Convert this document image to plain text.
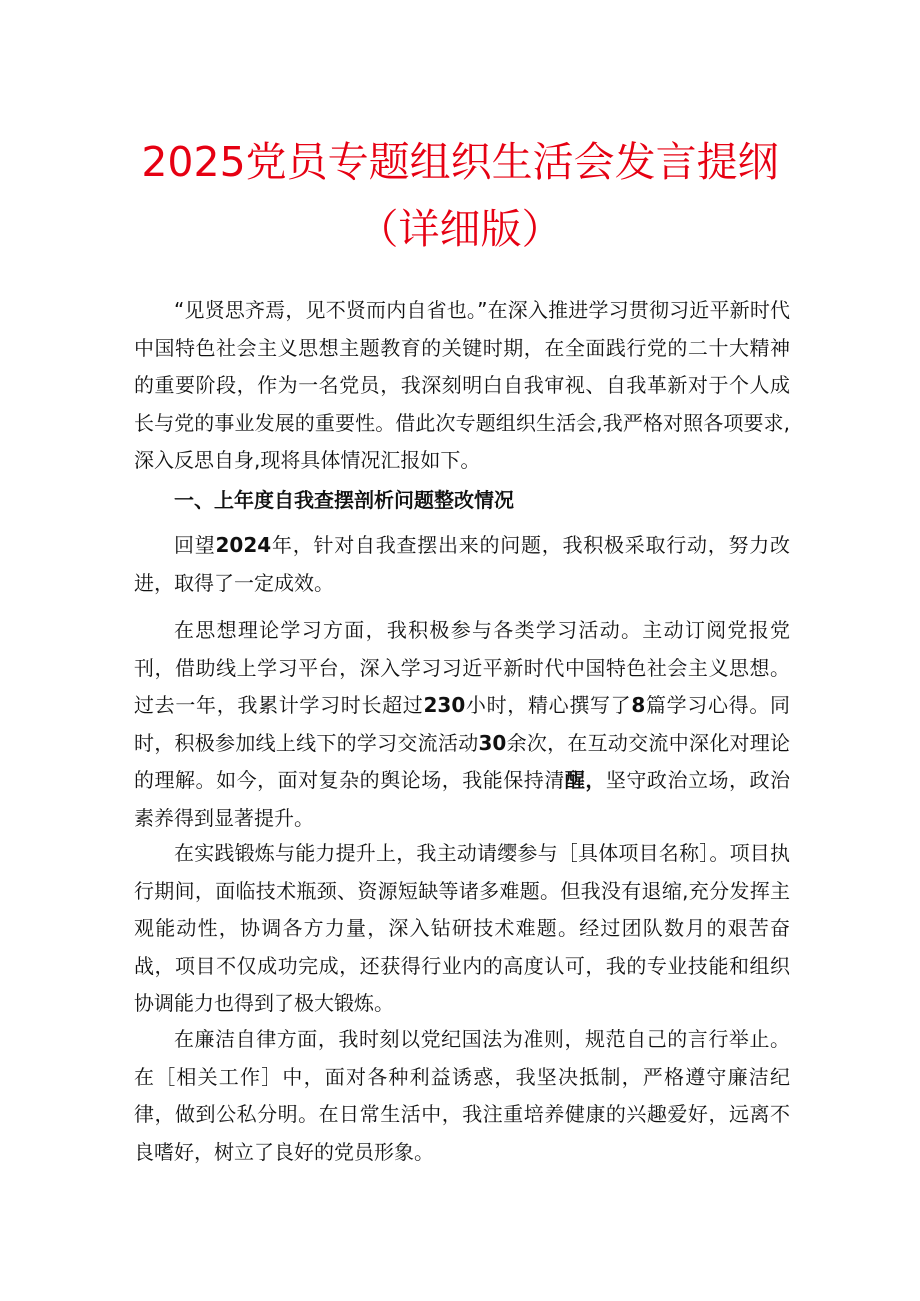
2025党员专题组织生活会发言提纲
（详细版）

“见贤思齐焉，见不贤而内自省也。”在深入推进学习贯彻习近平新时代中国特色社会主义思想主题教育的关键时期，在全面践行党的二十大精神的重要阶段，作为一名党员，我深刻明白自我审视、自我革新对于个人成长与党的事业发展的重要性。借此次专题组织生活会,我严格对照各项要求,深入反思自身,现将具体情况汇报如下。

一、上年度自我查摆剖析问题整改情况

回望2024年，针对自我查摆出来的问题，我积极采取行动，努力改进，取得了一定成效。

在思想理论学习方面，我积极参与各类学习活动。主动订阅党报党刊，借助线上学习平台，深入学习习近平新时代中国特色社会主义思想。过去一年，我累计学习时长超过230小时，精心撰写了8篇学习心得。同时，积极参加线上线下的学习交流活动30余次，在互动交流中深化对理论的理解。如今，面对复杂的舆论场，我能保持清醒，坚守政治立场，政治素养得到显著提升。

在实践锻炼与能力提升上，我主动请缨参与［具体项目名称］。项目执行期间，面临技术瓶颈、资源短缺等诸多难题。但我没有退缩,充分发挥主观能动性，协调各方力量，深入钻研技术难题。经过团队数月的艰苦奋战，项目不仅成功完成，还获得行业内的高度认可，我的专业技能和组织协调能力也得到了极大锻炼。

在廉洁自律方面，我时刻以党纪国法为准则，规范自己的言行举止。在［相关工作］中，面对各种利益诱惑，我坚决抵制，严格遵守廉洁纪律，做到公私分明。在日常生活中，我注重培养健康的兴趣爱好，远离不良嗜好，树立了良好的党员形象。
